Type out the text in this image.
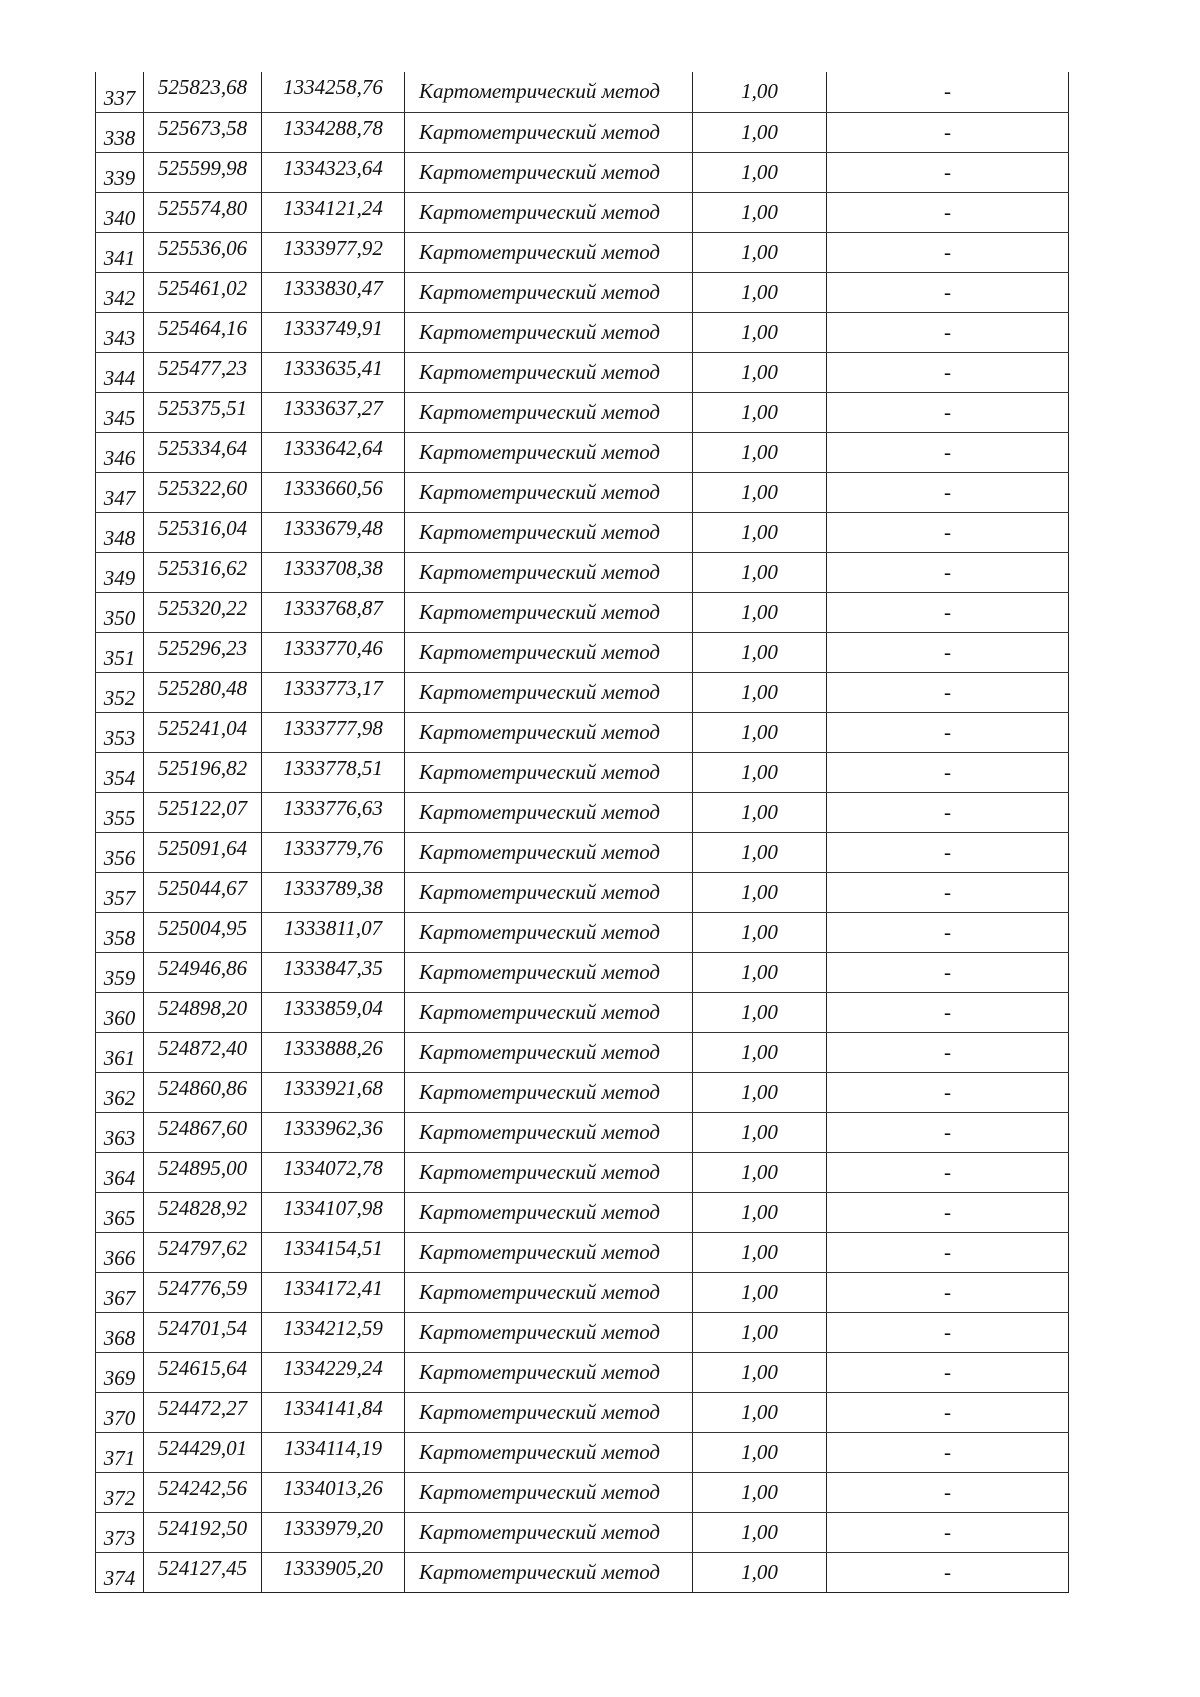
337	525823,68	1334258,76	Картометрический метод	1,00	-
338	525673,58	1334288,78	Картометрический метод	1,00	-
339	525599,98	1334323,64	Картометрический метод	1,00	-
340	525574,80	1334121,24	Картометрический метод	1,00	-
341	525536,06	1333977,92	Картометрический метод	1,00	-
342	525461,02	1333830,47	Картометрический метод	1,00	-
343	525464,16	1333749,91	Картометрический метод	1,00	-
344	525477,23	1333635,41	Картометрический метод	1,00	-
345	525375,51	1333637,27	Картометрический метод	1,00	-
346	525334,64	1333642,64	Картометрический метод	1,00	-
347	525322,60	1333660,56	Картометрический метод	1,00	-
348	525316,04	1333679,48	Картометрический метод	1,00	-
349	525316,62	1333708,38	Картометрический метод	1,00	-
350	525320,22	1333768,87	Картометрический метод	1,00	-
351	525296,23	1333770,46	Картометрический метод	1,00	-
352	525280,48	1333773,17	Картометрический метод	1,00	-
353	525241,04	1333777,98	Картометрический метод	1,00	-
354	525196,82	1333778,51	Картометрический метод	1,00	-
355	525122,07	1333776,63	Картометрический метод	1,00	-
356	525091,64	1333779,76	Картометрический метод	1,00	-
357	525044,67	1333789,38	Картометрический метод	1,00	-
358	525004,95	1333811,07	Картометрический метод	1,00	-
359	524946,86	1333847,35	Картометрический метод	1,00	-
360	524898,20	1333859,04	Картометрический метод	1,00	-
361	524872,40	1333888,26	Картометрический метод	1,00	-
362	524860,86	1333921,68	Картометрический метод	1,00	-
363	524867,60	1333962,36	Картометрический метод	1,00	-
364	524895,00	1334072,78	Картометрический метод	1,00	-
365	524828,92	1334107,98	Картометрический метод	1,00	-
366	524797,62	1334154,51	Картометрический метод	1,00	-
367	524776,59	1334172,41	Картометрический метод	1,00	-
368	524701,54	1334212,59	Картометрический метод	1,00	-
369	524615,64	1334229,24	Картометрический метод	1,00	-
370	524472,27	1334141,84	Картометрический метод	1,00	-
371	524429,01	1334114,19	Картометрический метод	1,00	-
372	524242,56	1334013,26	Картометрический метод	1,00	-
373	524192,50	1333979,20	Картометрический метод	1,00	-
374	524127,45	1333905,20	Картометрический метод	1,00	-
